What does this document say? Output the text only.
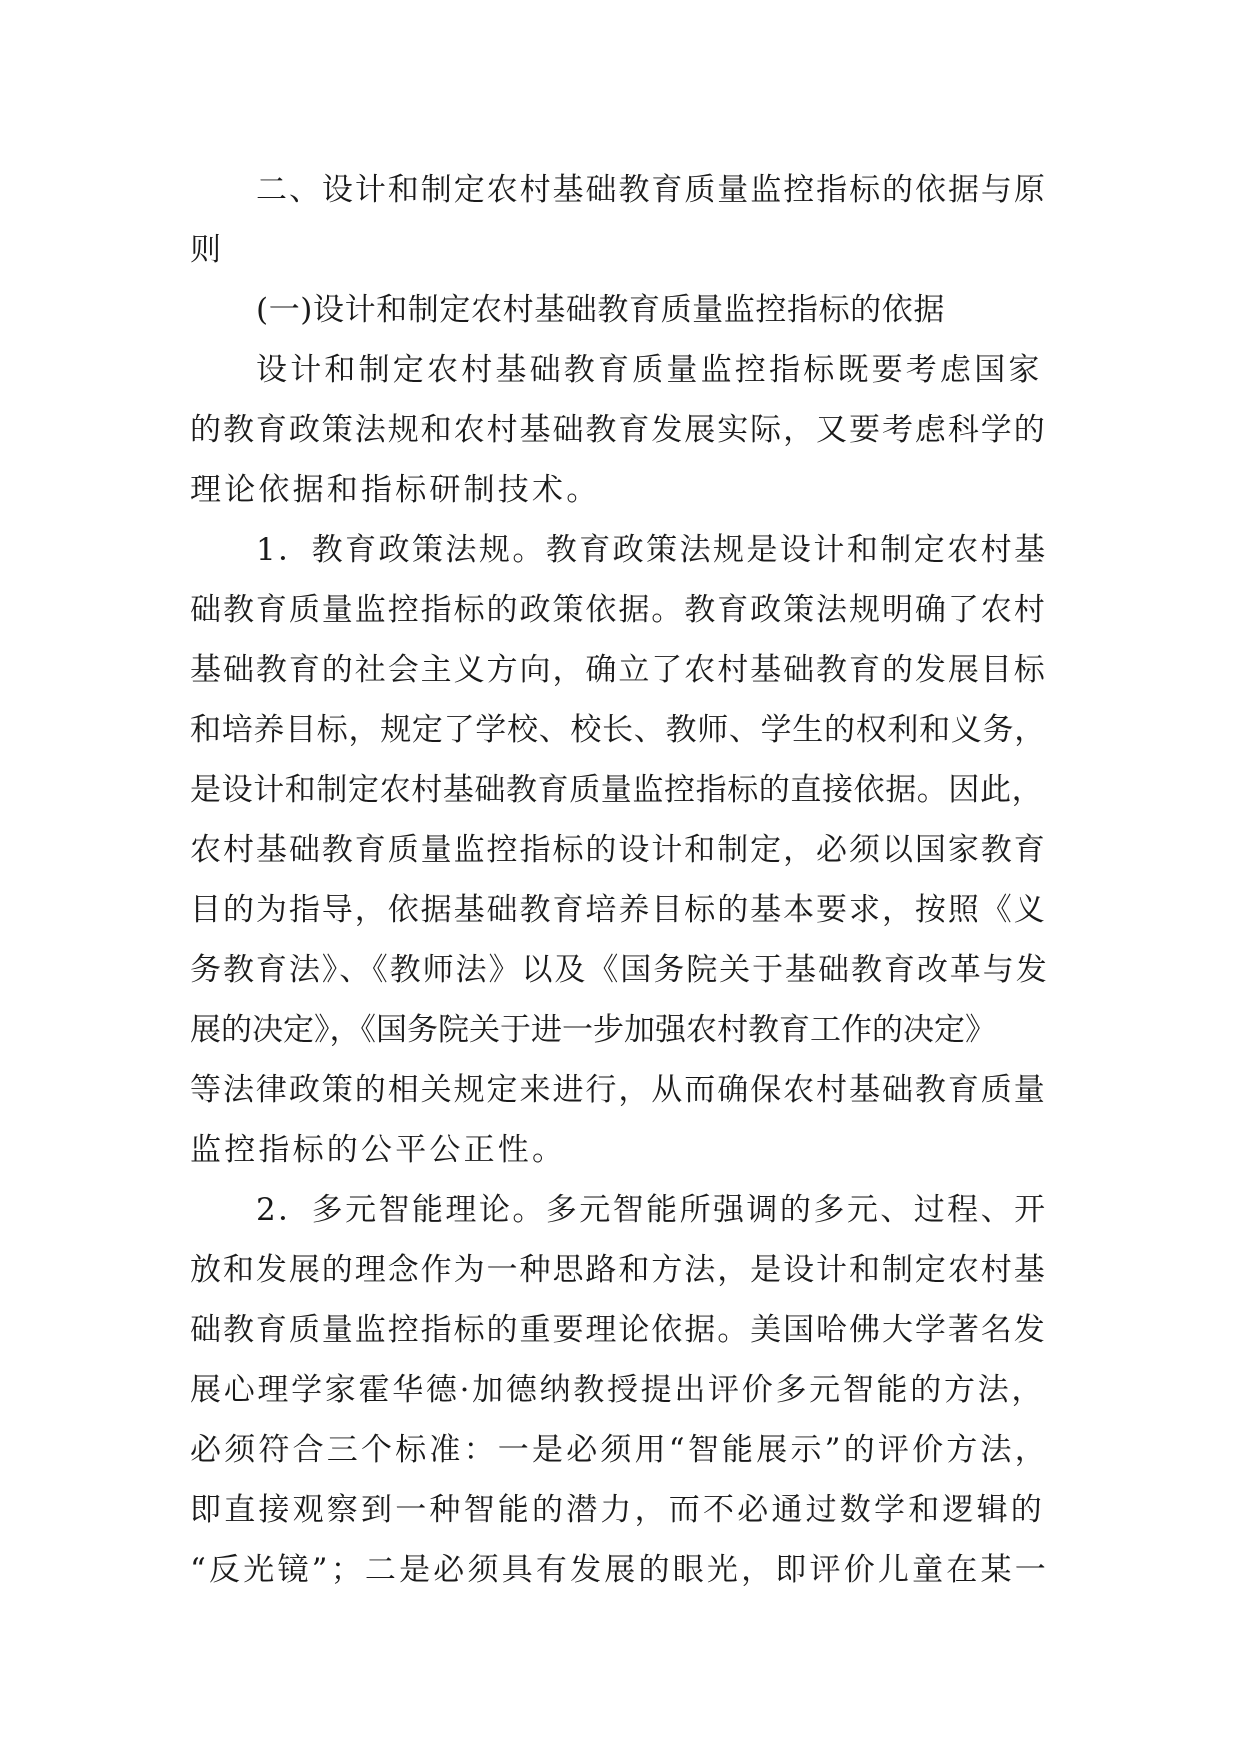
二、设计和制定农村基础教育质量监控指标的依据与原
则
(一)设计和制定农村基础教育质量监控指标的依据
设计和制定农村基础教育质量监控指标既要考虑国家
的教育政策法规和农村基础教育发展实际，又要考虑科学的
理论依据和指标研制技术。
1．教育政策法规。教育政策法规是设计和制定农村基
础教育质量监控指标的政策依据。教育政策法规明确了农村
基础教育的社会主义方向，确立了农村基础教育的发展目标
和培养目标，规定了学校、校长、教师、学生的权利和义务，
是设计和制定农村基础教育质量监控指标的直接依据。因此，
农村基础教育质量监控指标的设计和制定，必须以国家教育
目的为指导，依据基础教育培养目标的基本要求，按照《义
务教育法》、《教师法》以及《国务院关于基础教育改革与发
展的决定》，《国务院关于进一步加强农村教育工作的决定》
等法律政策的相关规定来进行，从而确保农村基础教育质量
监控指标的公平公正性。
2．多元智能理论。多元智能所强调的多元、过程、开
放和发展的理念作为一种思路和方法，是设计和制定农村基
础教育质量监控指标的重要理论依据。美国哈佛大学著名发
展心理学家霍华德·加德纳教授提出评价多元智能的方法，
必须符合三个标准：一是必须用“智能展示”的评价方法，
即直接观察到一种智能的潜力，而不必通过数学和逻辑的
“反光镜”；二是必须具有发展的眼光，即评价儿童在某一
